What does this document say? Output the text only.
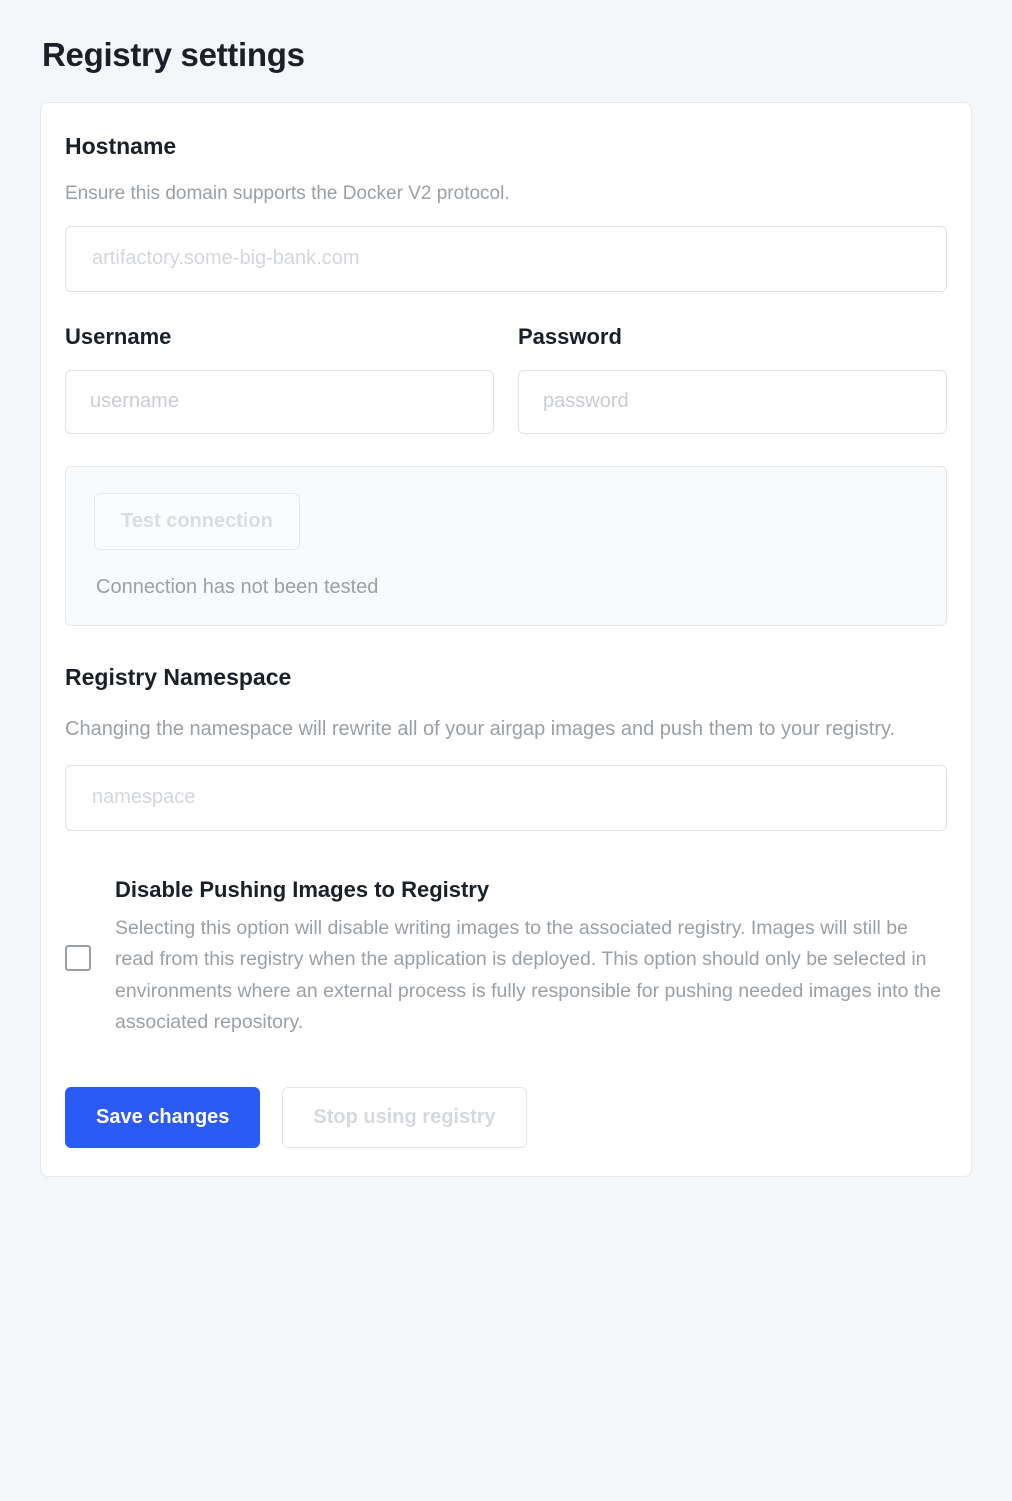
Registry settings
Hostname

Ensure this domain supports the Docker V2 protocol.

artifactory.some-big-bank.com
Username
username	Password
Test connection

Connection has not been tested

Registry Namespace

Changing the namespace will rewrite all of your airgap images and push them to your registry.

namespace
Disable Pushing Images to Registry

Selecting this option will disable writing images to the associated registry. Images will still be read from this registry when the application is deployed. This option should only be selected in environments where an external process is fully responsible for pushing needed images into the associated repository.

Save changes	Stop using registry
